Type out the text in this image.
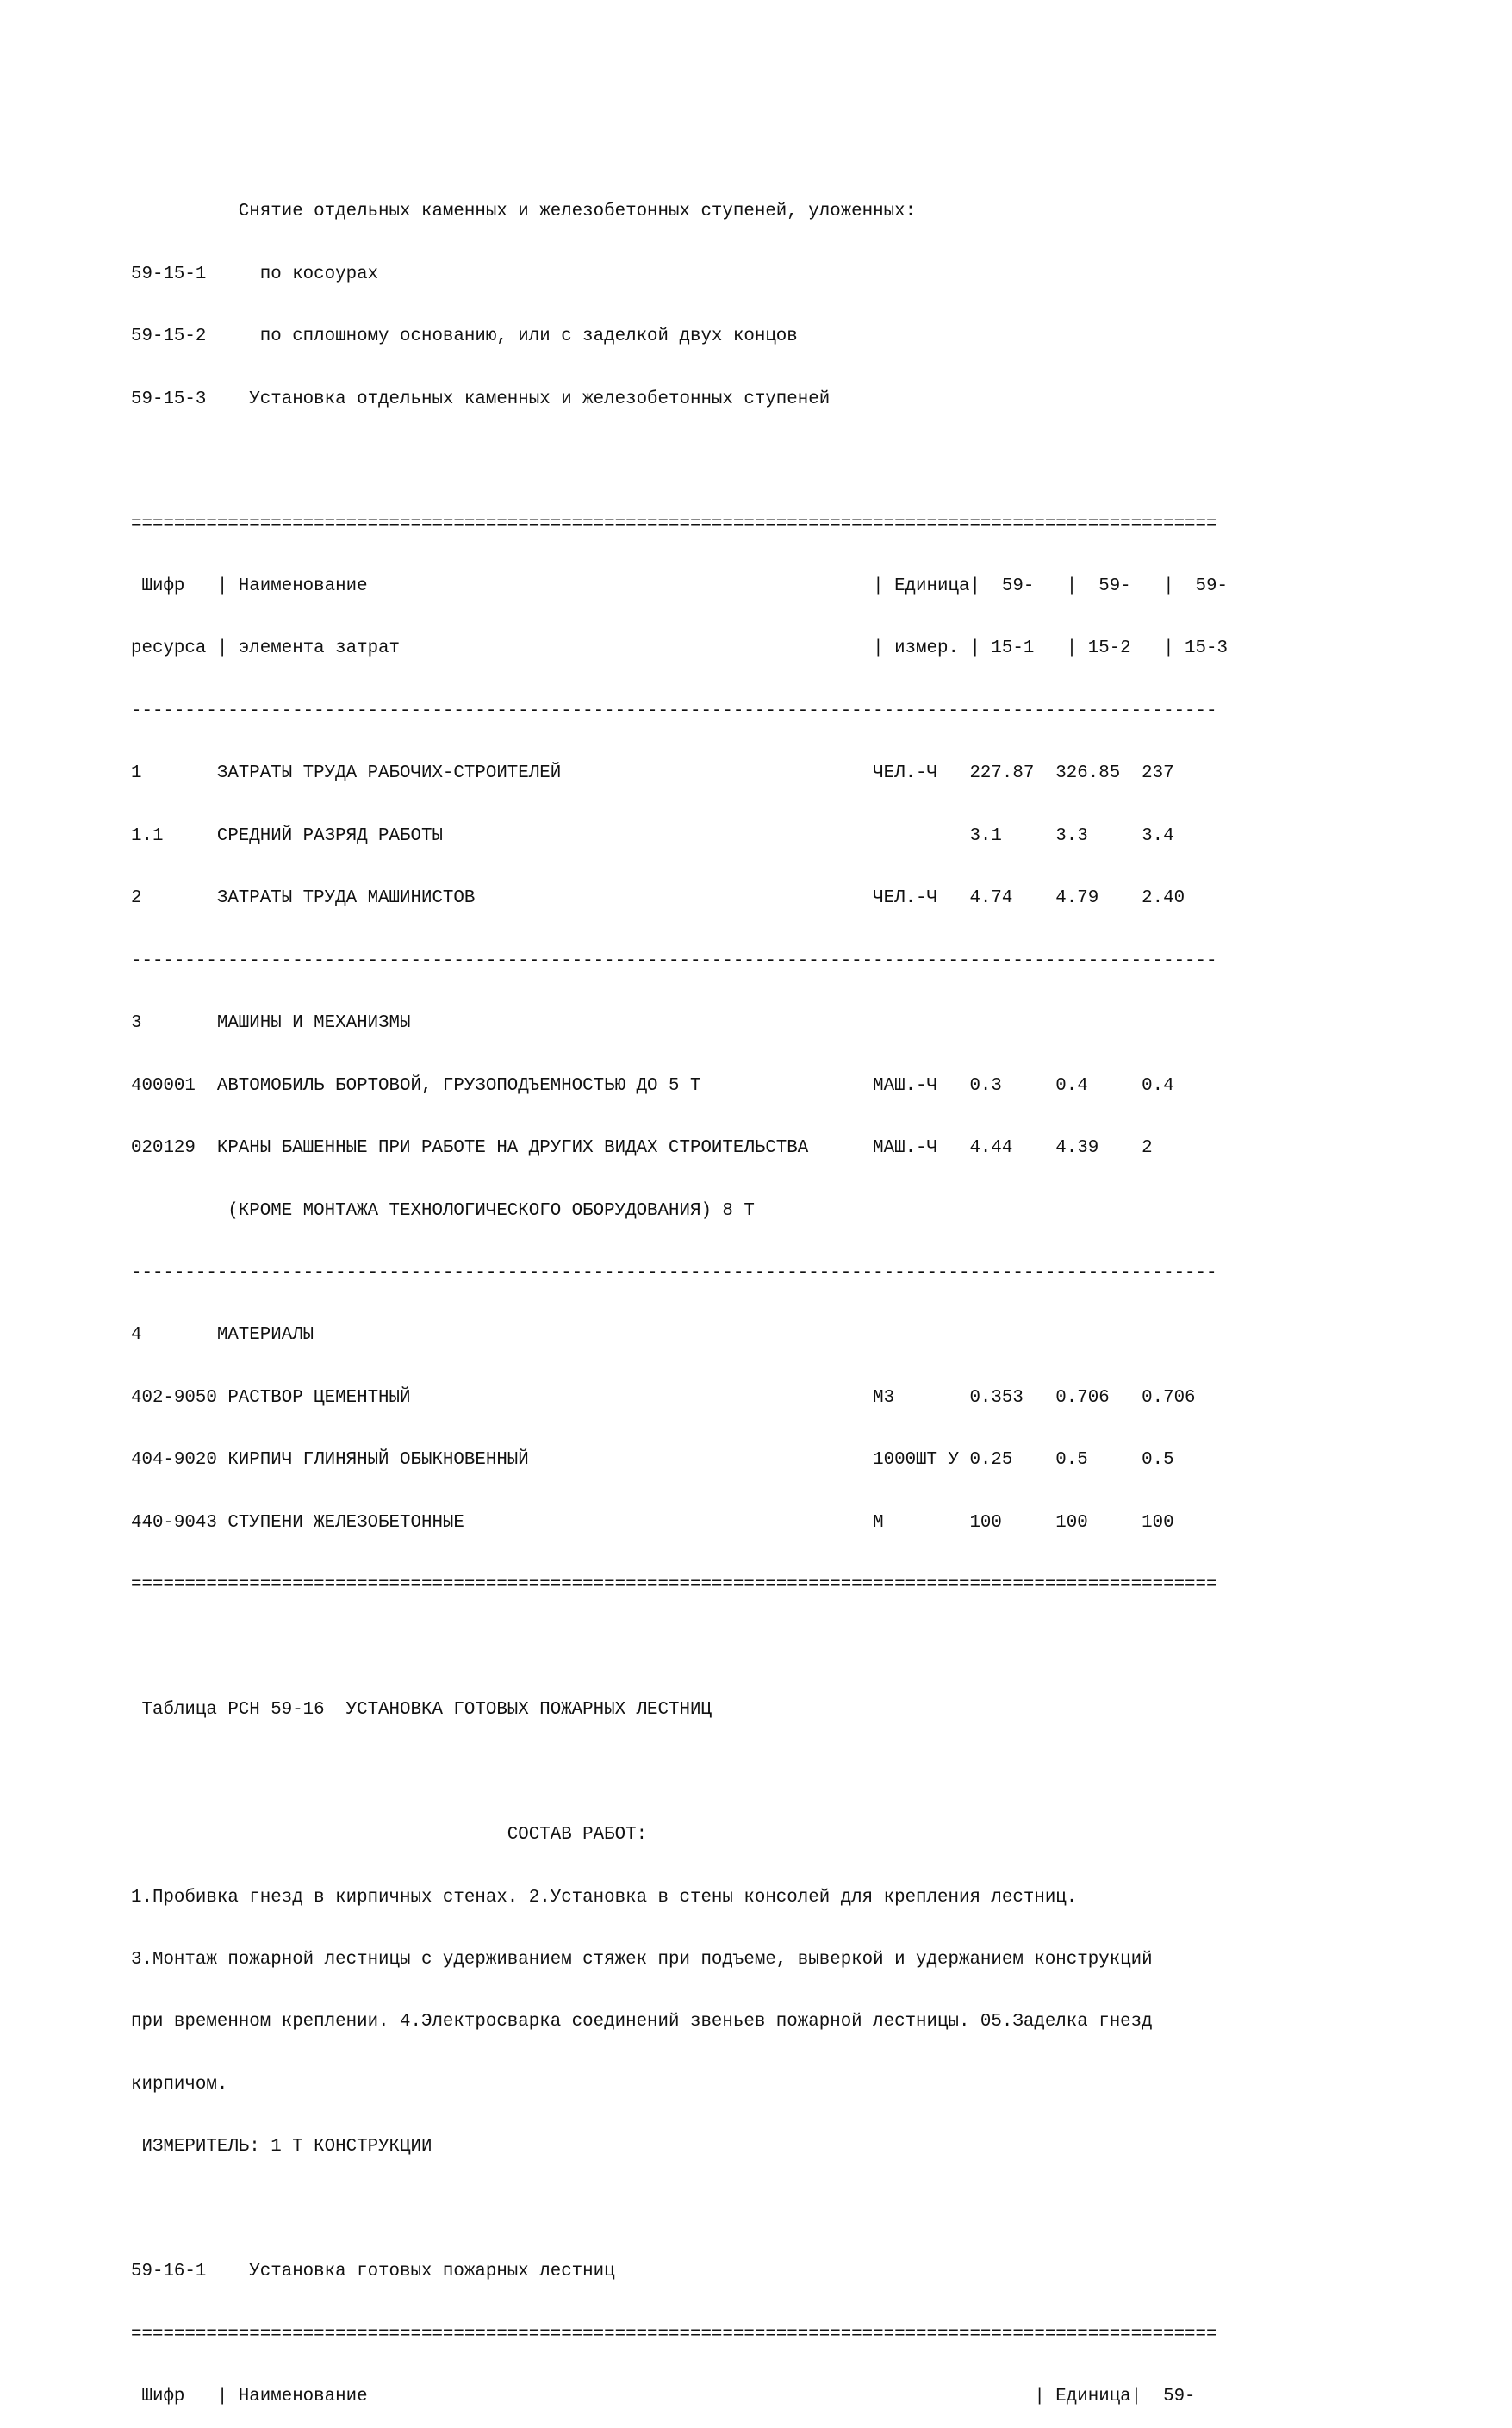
Снятие отдельных каменных и железобетонных ступеней, уложенных:

59-15-1     по косоурах

59-15-2     по сплошному основанию, или с заделкой двух концов

59-15-3    Установка отдельных каменных и железобетонных ступеней

=====================================================================================================

Шифр   | Наименование                                               | Единица|  59-   |  59-   |  59-

ресурса | элемента затрат                                            | измер. | 15-1   | 15-2   | 15-3

-----------------------------------------------------------------------------------------------------

1       ЗАТРАТЫ ТРУДА РАБОЧИХ-СТРОИТЕЛЕЙ                             ЧЕЛ.-Ч   227.87  326.85  237

1.1     СРЕДНИЙ РАЗРЯД РАБОТЫ                                                 3.1     3.3     3.4

2       ЗАТРАТЫ ТРУДА МАШИНИСТОВ                                     ЧЕЛ.-Ч   4.74    4.79    2.40

-----------------------------------------------------------------------------------------------------

3       МАШИНЫ И МЕХАНИЗМЫ

400001  АВТОМОБИЛЬ БОРТОВОЙ, ГРУЗОПОДЪЕМНОСТЬЮ ДО 5 Т                МАШ.-Ч   0.3     0.4     0.4

020129  КРАНЫ БАШЕННЫЕ ПРИ РАБОТЕ НА ДРУГИХ ВИДАХ СТРОИТЕЛЬСТВА      МАШ.-Ч   4.44    4.39    2

(КРОМЕ МОНТАЖА ТЕХНОЛОГИЧЕСКОГО ОБОРУДОВАНИЯ) 8 Т

-----------------------------------------------------------------------------------------------------

4       МАТЕРИАЛЫ

402-9050 РАСТВОР ЦЕМЕНТНЫЙ                                           М3       0.353   0.706   0.706

404-9020 КИРПИЧ ГЛИНЯНЫЙ ОБЫКНОВЕННЫЙ                                1000ШТ У 0.25    0.5     0.5

440-9043 СТУПЕНИ ЖЕЛЕЗОБЕТОННЫЕ                                      М        100     100     100

=====================================================================================================

Таблица РСН 59-16  УСТАНОВКА ГОТОВЫХ ПОЖАРНЫХ ЛЕСТНИЦ

СОСТАВ РАБОТ:

1.Пробивка гнезд в кирпичных стенах. 2.Установка в стены консолей для крепления лестниц.

3.Монтаж пожарной лестницы с удерживанием стяжек при подъеме, выверкой и удержанием конструкций

при временном креплении. 4.Электросварка соединений звеньев пожарной лестницы. 05.Заделка гнезд

кирпичом.

ИЗМЕРИТЕЛЬ: 1 Т КОНСТРУКЦИИ

59-16-1    Установка готовых пожарных лестниц

=====================================================================================================

Шифр   | Наименование                                                              | Единица|  59-
